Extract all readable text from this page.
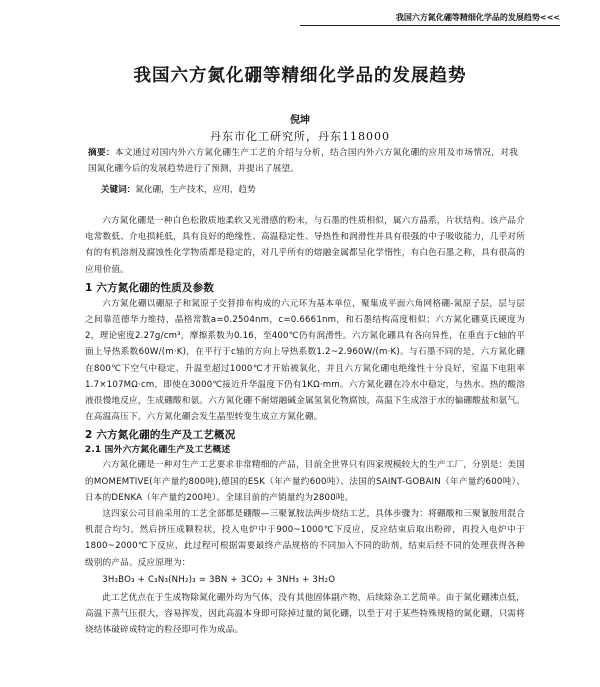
我国六方氮化硼等精细化学品的发展趋势<<<
我国六方氮化硼等精细化学品的发展趋势
倪坤
丹东市化工研究所，丹东118000
摘要：本文通过对国内外六方氮化硼生产工艺的介绍与分析，结合国内外六方氮化硼的应用及市场情况，对我国氮化硼今后的发展趋势进行了预测，并提出了展望。
关键词：氮化硼，生产技术，应用，趋势

六方氮化硼是一种白色松散质地柔软又光滑感的粉末，与石墨的性质相似，属六方晶系，片状结构。该产品介电常数低、介电损耗低，具有良好的绝缘性、高温稳定性、导热性和润滑性并具有很强的中子吸收能力，几乎对所有的有机溶剂及腐蚀性化学物质都是稳定的，对几乎所有的熔融金属都呈化学惰性，有白色石墨之称，具有很高的应用价值。

1 六方氮化硼的性质及参数

六方氮化硼以硼原子和氮原子交替排布构成的六元环为基本单位，聚集成平面六角网格硼-氮原子层，层与层之间靠范德华力维持，晶格常数a=0.2504nm，c=0.6661nm，和石墨结构高度相似；六方氮化硼莫氏硬度为2，理论密度2.27g/cm³，摩擦系数为0.16，至400℃仍有润滑性。六方氮化硼具有各向异性，在垂直于c轴的平面上导热系数60W/(m·K)，在平行于c轴的方向上导热系数1.2~2.960W/(m·K)。与石墨不同的是，六方氮化硼在800℃下空气中稳定、升温至超过1000℃才开始被氧化，并且六方氮化硼电绝缘性十分良好，室温下电阻率1.7×107MΩ·cm，即使在3000℃接近升华温度下仍有1KΩ·mm。六方氮化硼在冷水中稳定，与热水、热的酸溶液很慢地反应，生成硼酸和氨。六方氮化硼不耐熔融碱金属氢氧化物腐蚀，高温下生成溶于水的偏硼酸盐和氨气。在高温高压下，六方氮化硼会发生晶型转变生成立方氮化硼。

2 六方氮化硼的生产及工艺概况
2.1 国外六方氮化硼生产及工艺概述

六方氮化硼是一种对生产工艺要求非常精细的产品，目前全世界只有四家规模较大的生产工厂，分别是：美国的MOMEMTIVE(年产量约800吨),德国的ESK（年产量约600吨）、法国的SAINT-GOBAIN（年产量约600吨）、日本的DENKA（年产量约200吨）。全球目前的产销量约为2800吨。

这四家公司目前采用的工艺全部都是硼酸—三聚氰胺法两步烧结工艺，具体步骤为：将硼酸和三聚氰胺用混合机混合均匀，然后挤压成颗粒状，投入电炉中于900~1000℃下反应，反应结束后取出粉碎，再投入电炉中于1800~2000℃下反应，此过程可根据需要最终产品规格的不同加入不同的助剂，结束后经不同的处理获得各种级别的产品。反应原理为：

3H₃BO₃ + C₃N₃(NH₂)₃ = 3BN + 3CO₂ + 3NH₃ + 3H₂O

此工艺优点在于生成物除氮化硼外均为气体，没有其他固体副产物，后续除杂工艺简单。由于氮化硼沸点低，高温下蒸气压很大，容易挥发，因此高温本身即可除掉过量的氮化硼，以至于对于某些特殊规格的氮化硼，只需将烧结体破碎成特定的粒径即可作为成品。
